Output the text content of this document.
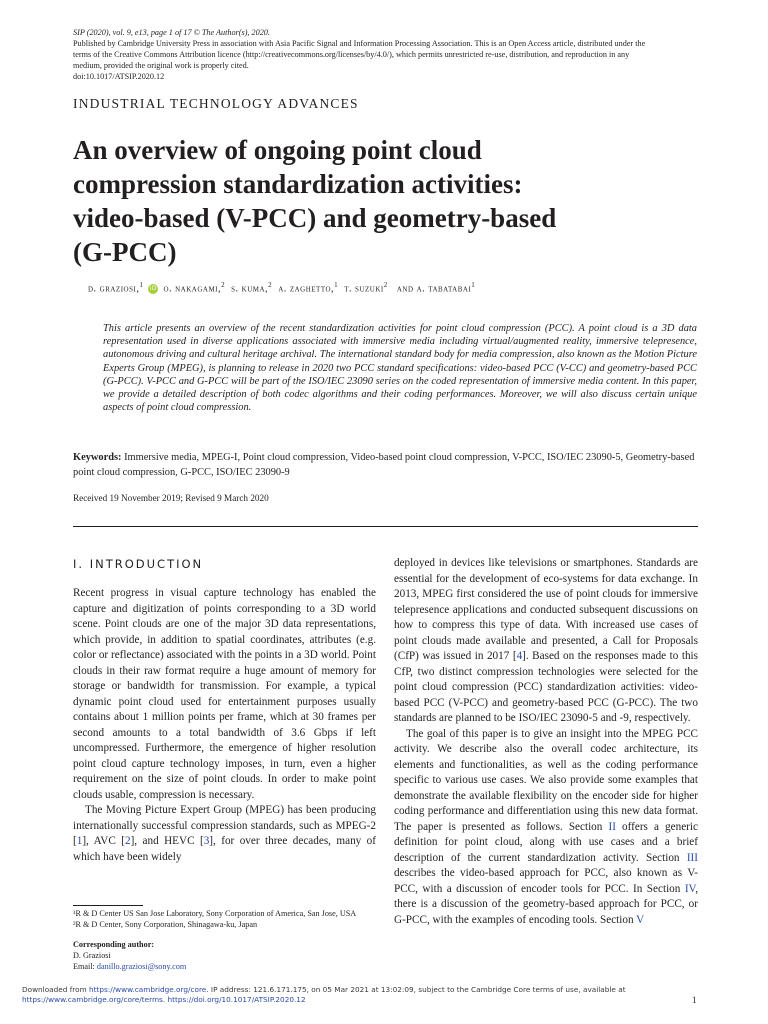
SIP (2020), vol. 9, e13, page 1 of 17 © The Author(s), 2020.
Published by Cambridge University Press in association with Asia Pacific Signal and Information Processing Association. This is an Open Access article, distributed under the
terms of the Creative Commons Attribution licence (http://creativecommons.org/licenses/by/4.0/), which permits unrestricted re-use, distribution, and reproduction in any
medium, provided the original work is properly cited.
doi:10.1017/ATSIP.2020.12
INDUSTRIAL TECHNOLOGY ADVANCES
An overview of ongoing point cloud compression standardization activities: video-based (V-PCC) and geometry-based (G-PCC)
d. graziosi,$^1$ iD o. nakagami,$^2$ s. kuma,$^2$ a. zaghetto,$^1$ t. suzuki$^2$ and a. tabatabai$^1$
This article presents an overview of the recent standardization activities for point cloud compression (PCC). A point cloud is a 3D data representation used in diverse applications associated with immersive media including virtual/augmented reality, immersive telepresence, autonomous driving and cultural heritage archival. The international standard body for media compression, also known as the Motion Picture Experts Group (MPEG), is planning to release in 2020 two PCC standard specifications: video-based PCC (V-CC) and geometry-based PCC (G-PCC). V-PCC and G-PCC will be part of the ISO/IEC 23090 series on the coded representation of immersive media content. In this paper, we provide a detailed description of both codec algorithms and their coding performances. Moreover, we will also discuss certain unique aspects of point cloud compression.
Keywords: Immersive media, MPEG-I, Point cloud compression, Video-based point cloud compression, V-PCC, ISO/IEC 23090-5, Geometry-based point cloud compression, G-PCC, ISO/IEC 23090-9
Received 19 November 2019; Revised 9 March 2020
I. INTRODUCTION

Recent progress in visual capture technology has enabled the capture and digitization of points corresponding to a 3D world scene. Point clouds are one of the major 3D data representations, which provide, in addition to spatial coordinates, attributes (e.g. color or reflectance) associated with the points in a 3D world. Point clouds in their raw format require a huge amount of memory for storage or bandwidth for transmission. For example, a typical dynamic point cloud used for entertainment purposes usually contains about 1 million points per frame, which at 30 frames per second amounts to a total bandwidth of 3.6 Gbps if left uncompressed. Furthermore, the emergence of higher resolution point cloud capture technology imposes, in turn, even a higher requirement on the size of point clouds. In order to make point clouds usable, compression is necessary.

The Moving Picture Expert Group (MPEG) has been producing internationally successful compression standards, such as MPEG-2 [1], AVC [2], and HEVC [3], for over three decades, many of which have been widely

deployed in devices like televisions or smartphones. Standards are essential for the development of eco-systems for data exchange. In 2013, MPEG first considered the use of point clouds for immersive telepresence applications and conducted subsequent discussions on how to compress this type of data. With increased use cases of point clouds made available and presented, a Call for Proposals (CfP) was issued in 2017 [4]. Based on the responses made to this CfP, two distinct compression technologies were selected for the point cloud compression (PCC) standardization activities: video-based PCC (V-PCC) and geometry-based PCC (G-PCC). The two standards are planned to be ISO/IEC 23090-5 and -9, respectively.

The goal of this paper is to give an insight into the MPEG PCC activity. We describe also the overall codec architecture, its elements and functionalities, as well as the coding performance specific to various use cases. We also provide some examples that demonstrate the available flexibility on the encoder side for higher coding performance and differentiation using this new data format. The paper is presented as follows. Section II offers a generic definition for point cloud, along with use cases and a brief description of the current standardization activity. Section III describes the video-based approach for PCC, also known as V-PCC, with a discussion of encoder tools for PCC. In Section IV, there is a discussion of the geometry-based approach for PCC, or G-PCC, with the examples of encoding tools. Section V

¹R & D Center US San Jose Laboratory, Sony Corporation of America, San Jose, USA

²R & D Center, Sony Corporation, Shinagawa-ku, Japan

Corresponding author:

D. Graziosi

Email: danillo.graziosi@sony.com

Downloaded from https://www.cambridge.org/core. IP address: 121.6.171.175, on 05 Mar 2021 at 13:02:09, subject to the Cambridge Core terms of use, available at
https://www.cambridge.org/core/terms. https://doi.org/10.1017/ATSIP.2020.12	1
